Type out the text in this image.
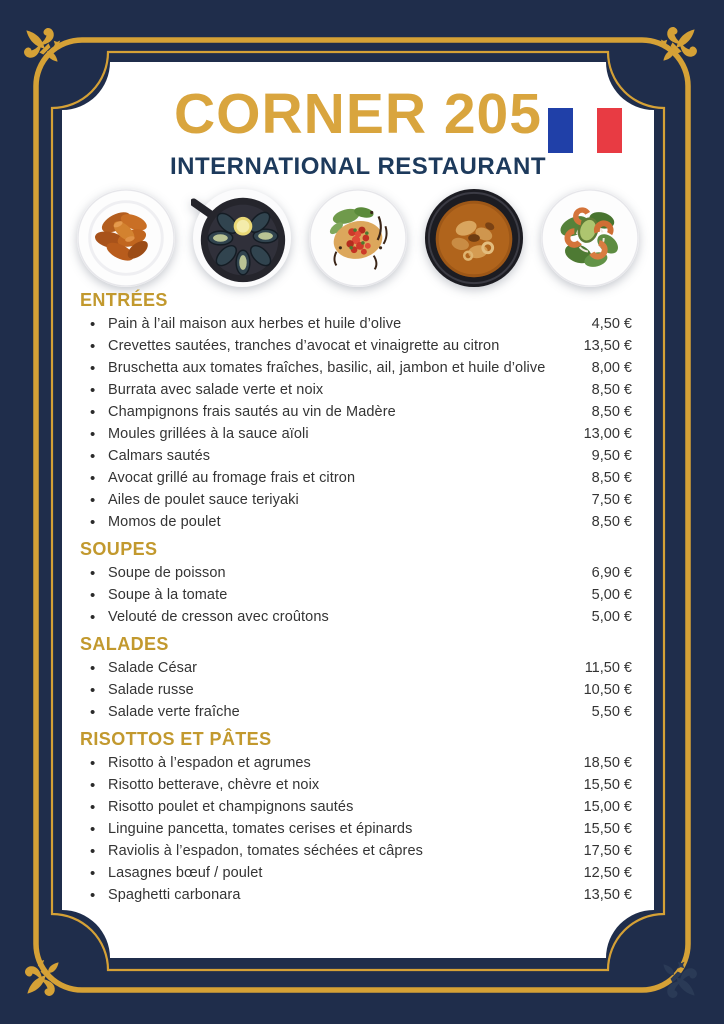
CORNER 205
INTERNATIONAL RESTAURANT
ENTRÉES
• Pain à l’ail maison aux herbes et huile d’olive	4,50 €
• Crevettes sautées, tranches d’avocat et vinaigrette au citron	13,50 €
• Bruschetta aux tomates fraîches, basilic, ail, jambon et huile d’olive	8,00 €
• Burrata avec salade verte et noix	8,50 €
• Champignons frais sautés au vin de Madère	8,50 €
• Moules grillées à la sauce aïoli	13,00 €
• Calmars sautés	9,50 €
• Avocat grillé au fromage frais et citron	8,50 €
• Ailes de poulet sauce teriyaki	7,50 €
• Momos de poulet	8,50 €
SOUPES
• Soupe de poisson	6,90 €
• Soupe à la tomate	5,00 €
• Velouté de cresson avec croûtons	5,00 €
SALADES
• Salade César	11,50 €
• Salade russe	10,50 €
• Salade verte fraîche	5,50 €
RISOTTOS ET PÂTES
• Risotto à l’espadon et agrumes	18,50 €
• Risotto betterave, chèvre et noix	15,50 €
• Risotto poulet et champignons sautés	15,00 €
• Linguine pancetta, tomates cerises et épinards	15,50 €
• Raviolis à l’espadon, tomates séchées et câpres	17,50 €
• Lasagnes bœuf / poulet	12,50 €
• Spaghetti carbonara	13,50 €
